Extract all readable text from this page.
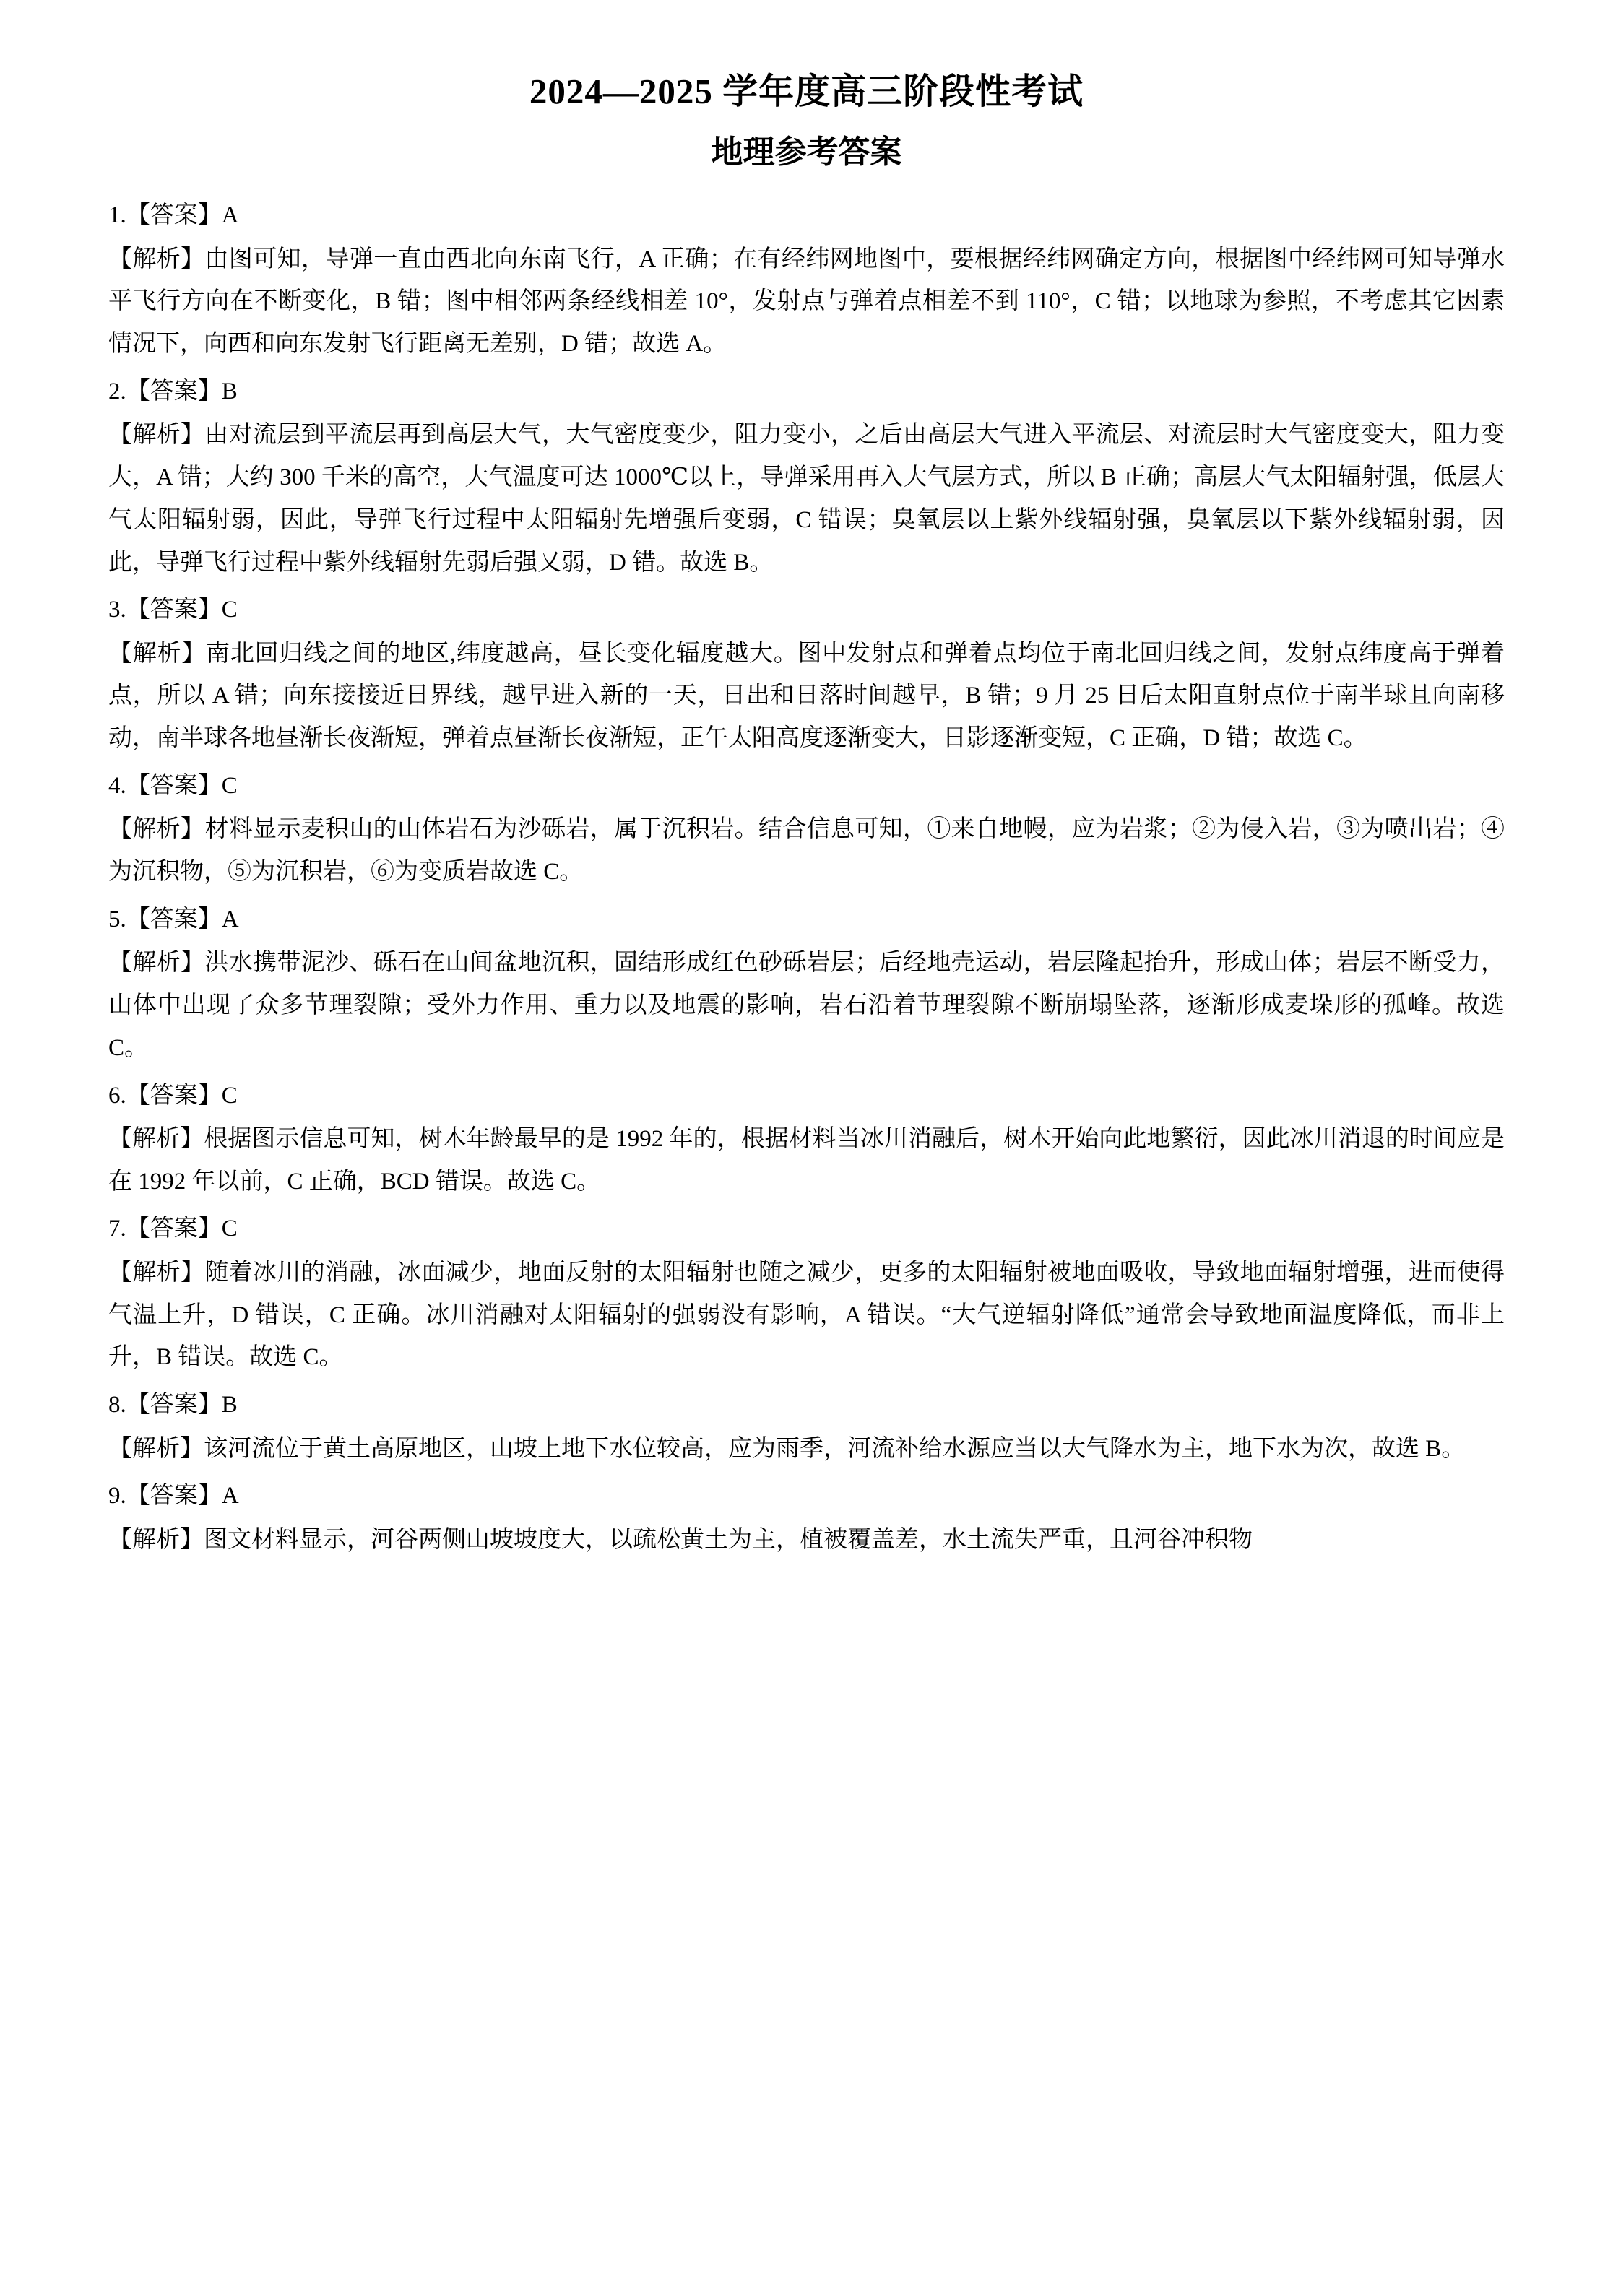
2024—2025 学年度高三阶段性考试
地理参考答案

1.【答案】A

【解析】由图可知，导弹一直由西北向东南飞行，A 正确；在有经纬网地图中，要根据经纬网确定方向，根据图中经纬网可知导弹水平飞行方向在不断变化，B 错；图中相邻两条经线相差 10°，发射点与弹着点相差不到 110°，C 错；以地球为参照，不考虑其它因素情况下，向西和向东发射飞行距离无差别，D 错；故选 A。

2.【答案】B

【解析】由对流层到平流层再到高层大气，大气密度变少，阻力变小，之后由高层大气进入平流层、对流层时大气密度变大，阻力变大，A 错；大约 300 千米的高空，大气温度可达 1000℃以上，导弹采用再入大气层方式，所以 B 正确；高层大气太阳辐射强，低层大气太阳辐射弱，因此，导弹飞行过程中太阳辐射先增强后变弱，C 错误；臭氧层以上紫外线辐射强，臭氧层以下紫外线辐射弱，因此，导弹飞行过程中紫外线辐射先弱后强又弱，D 错。故选 B。

3.【答案】C

【解析】南北回归线之间的地区,纬度越高，昼长变化辐度越大。图中发射点和弹着点均位于南北回归线之间，发射点纬度高于弹着点，所以 A 错；向东接接近日界线，越早进入新的一天，日出和日落时间越早，B 错；9 月 25 日后太阳直射点位于南半球且向南移动，南半球各地昼渐长夜渐短，弹着点昼渐长夜渐短，正午太阳高度逐渐变大，日影逐渐变短，C 正确，D 错；故选 C。

4.【答案】C

【解析】材料显示麦积山的山体岩石为沙砾岩，属于沉积岩。结合信息可知，①来自地幔，应为岩浆；②为侵入岩，③为喷出岩；④为沉积物，⑤为沉积岩，⑥为变质岩故选 C。

5.【答案】A

【解析】洪水携带泥沙、砾石在山间盆地沉积，固结形成红色砂砾岩层；后经地壳运动，岩层隆起抬升，形成山体；岩层不断受力，山体中出现了众多节理裂隙；受外力作用、重力以及地震的影响，岩石沿着节理裂隙不断崩塌坠落，逐渐形成麦垛形的孤峰。故选 C。

6.【答案】C

【解析】根据图示信息可知，树木年龄最早的是 1992 年的，根据材料当冰川消融后，树木开始向此地繁衍，因此冰川消退的时间应是在 1992 年以前，C 正确，BCD 错误。故选 C。

7.【答案】C

【解析】随着冰川的消融，冰面减少，地面反射的太阳辐射也随之减少，更多的太阳辐射被地面吸收，导致地面辐射增强，进而使得气温上升，D 错误，C 正确。冰川消融对太阳辐射的强弱没有影响，A 错误。“大气逆辐射降低”通常会导致地面温度降低，而非上升，B 错误。故选 C。

8.【答案】B

【解析】该河流位于黄土高原地区，山坡上地下水位较高，应为雨季，河流补给水源应当以大气降水为主，地下水为次，故选 B。

9.【答案】A

【解析】图文材料显示，河谷两侧山坡坡度大，以疏松黄土为主，植被覆盖差，水土流失严重，且河谷冲积物
